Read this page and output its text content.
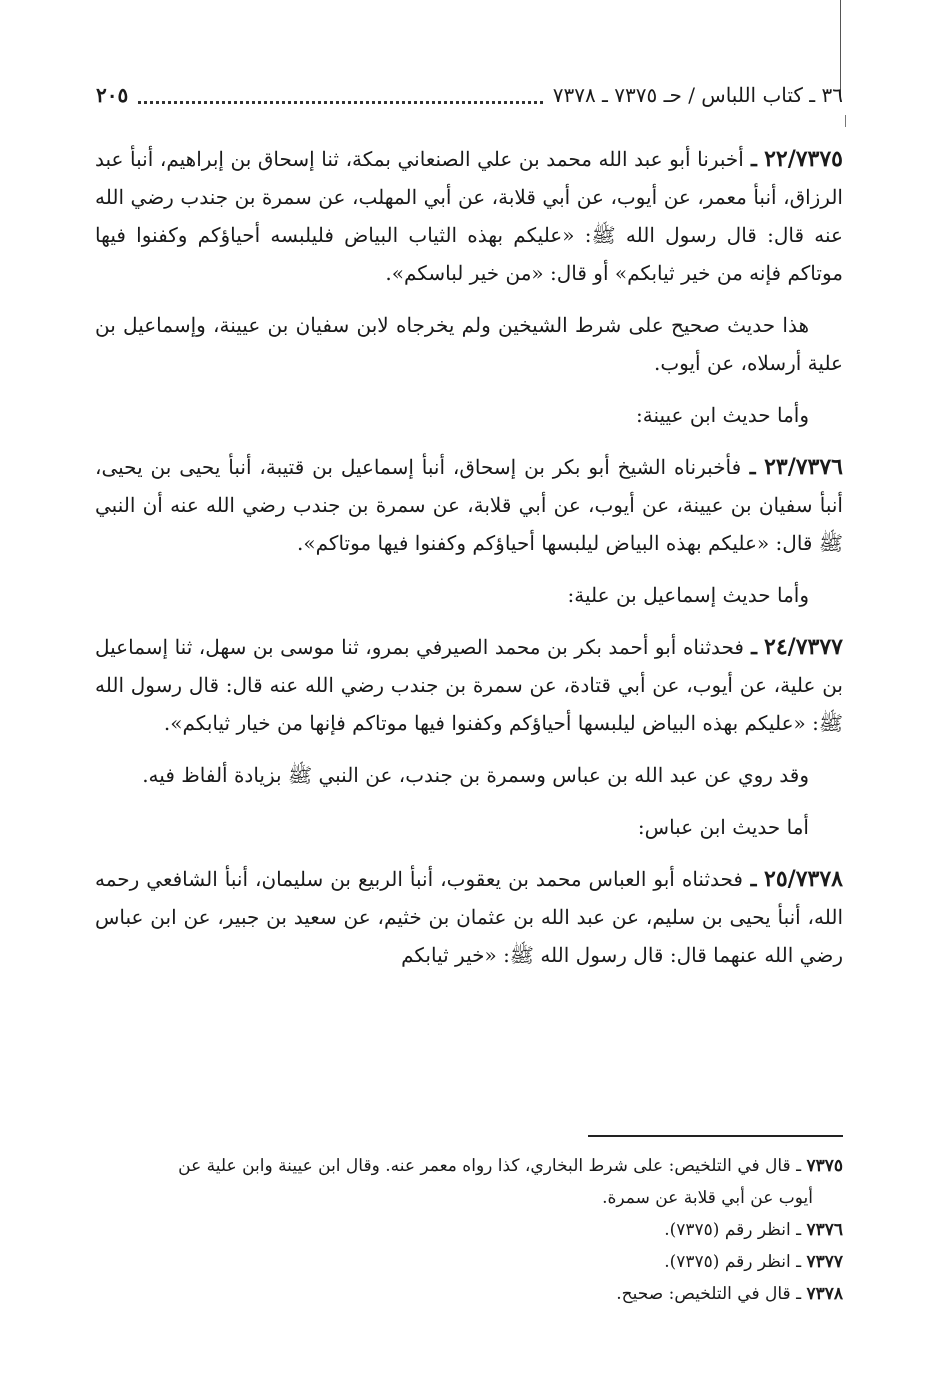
٣٦ ـ كتاب اللباس / حـ ٧٣٧٥ ـ ٧٣٧٨
٢٠٥

٢٢/٧٣٧٥ ـ أخبرنا أبو عبد الله محمد بن علي الصنعاني بمكة، ثنا إسحاق بن إبراهيم، أنبأ عبد الرزاق، أنبأ معمر، عن أيوب، عن أبي قلابة، عن أبي المهلب، عن سمرة بن جندب رضي الله عنه قال: قال رسول الله ﷺ: «عليكم بهذه الثياب البياض فليلبسه أحياؤكم وكفنوا فيها موتاكم فإنه من خير ثيابكم» أو قال: «من خير لباسكم».

هذا حديث صحيح على شرط الشيخين ولم يخرجاه لابن سفيان بن عيينة، وإسماعيل بن علية أرسلاه، عن أيوب.

وأما حديث ابن عيينة:

٢٣/٧٣٧٦ ـ فأخبرناه الشيخ أبو بكر بن إسحاق، أنبأ إسماعيل بن قتيبة، أنبأ يحيى بن يحيى، أنبأ سفيان بن عيينة، عن أيوب، عن أبي قلابة، عن سمرة بن جندب رضي الله عنه أن النبي ﷺ قال: «عليكم بهذه البياض ليلبسها أحياؤكم وكفنوا فيها موتاكم».

وأما حديث إسماعيل بن علية:

٢٤/٧٣٧٧ ـ فحدثناه أبو أحمد بكر بن محمد الصيرفي بمرو، ثنا موسى بن سهل، ثنا إسماعيل بن علية، عن أيوب، عن أبي قتادة، عن سمرة بن جندب رضي الله عنه قال: قال رسول الله ﷺ: «عليكم بهذه البياض ليلبسها أحياؤكم وكفنوا فيها موتاكم فإنها من خيار ثيابكم».

وقد روي عن عبد الله بن عباس وسمرة بن جندب، عن النبي ﷺ بزيادة ألفاظ فيه.

أما حديث ابن عباس:

٢٥/٧٣٧٨ ـ فحدثناه أبو العباس محمد بن يعقوب، أنبأ الربيع بن سليمان، أنبأ الشافعي رحمه الله، أنبأ يحيى بن سليم، عن عبد الله بن عثمان بن خثيم، عن سعيد بن جبير، عن ابن عباس رضي الله عنهما قال: قال رسول الله ﷺ: «خير ثيابكم

٧٣٧٥ ـ قال في التلخيص: على شرط البخاري، كذا رواه معمر عنه. وقال ابن عيينة وابن علية عن
أيوب عن أبي قلابة عن سمرة.

٧٣٧٦ ـ انظر رقم (٧٣٧٥).

٧٣٧٧ ـ انظر رقم (٧٣٧٥).

٧٣٧٨ ـ قال في التلخيص: صحيح.
